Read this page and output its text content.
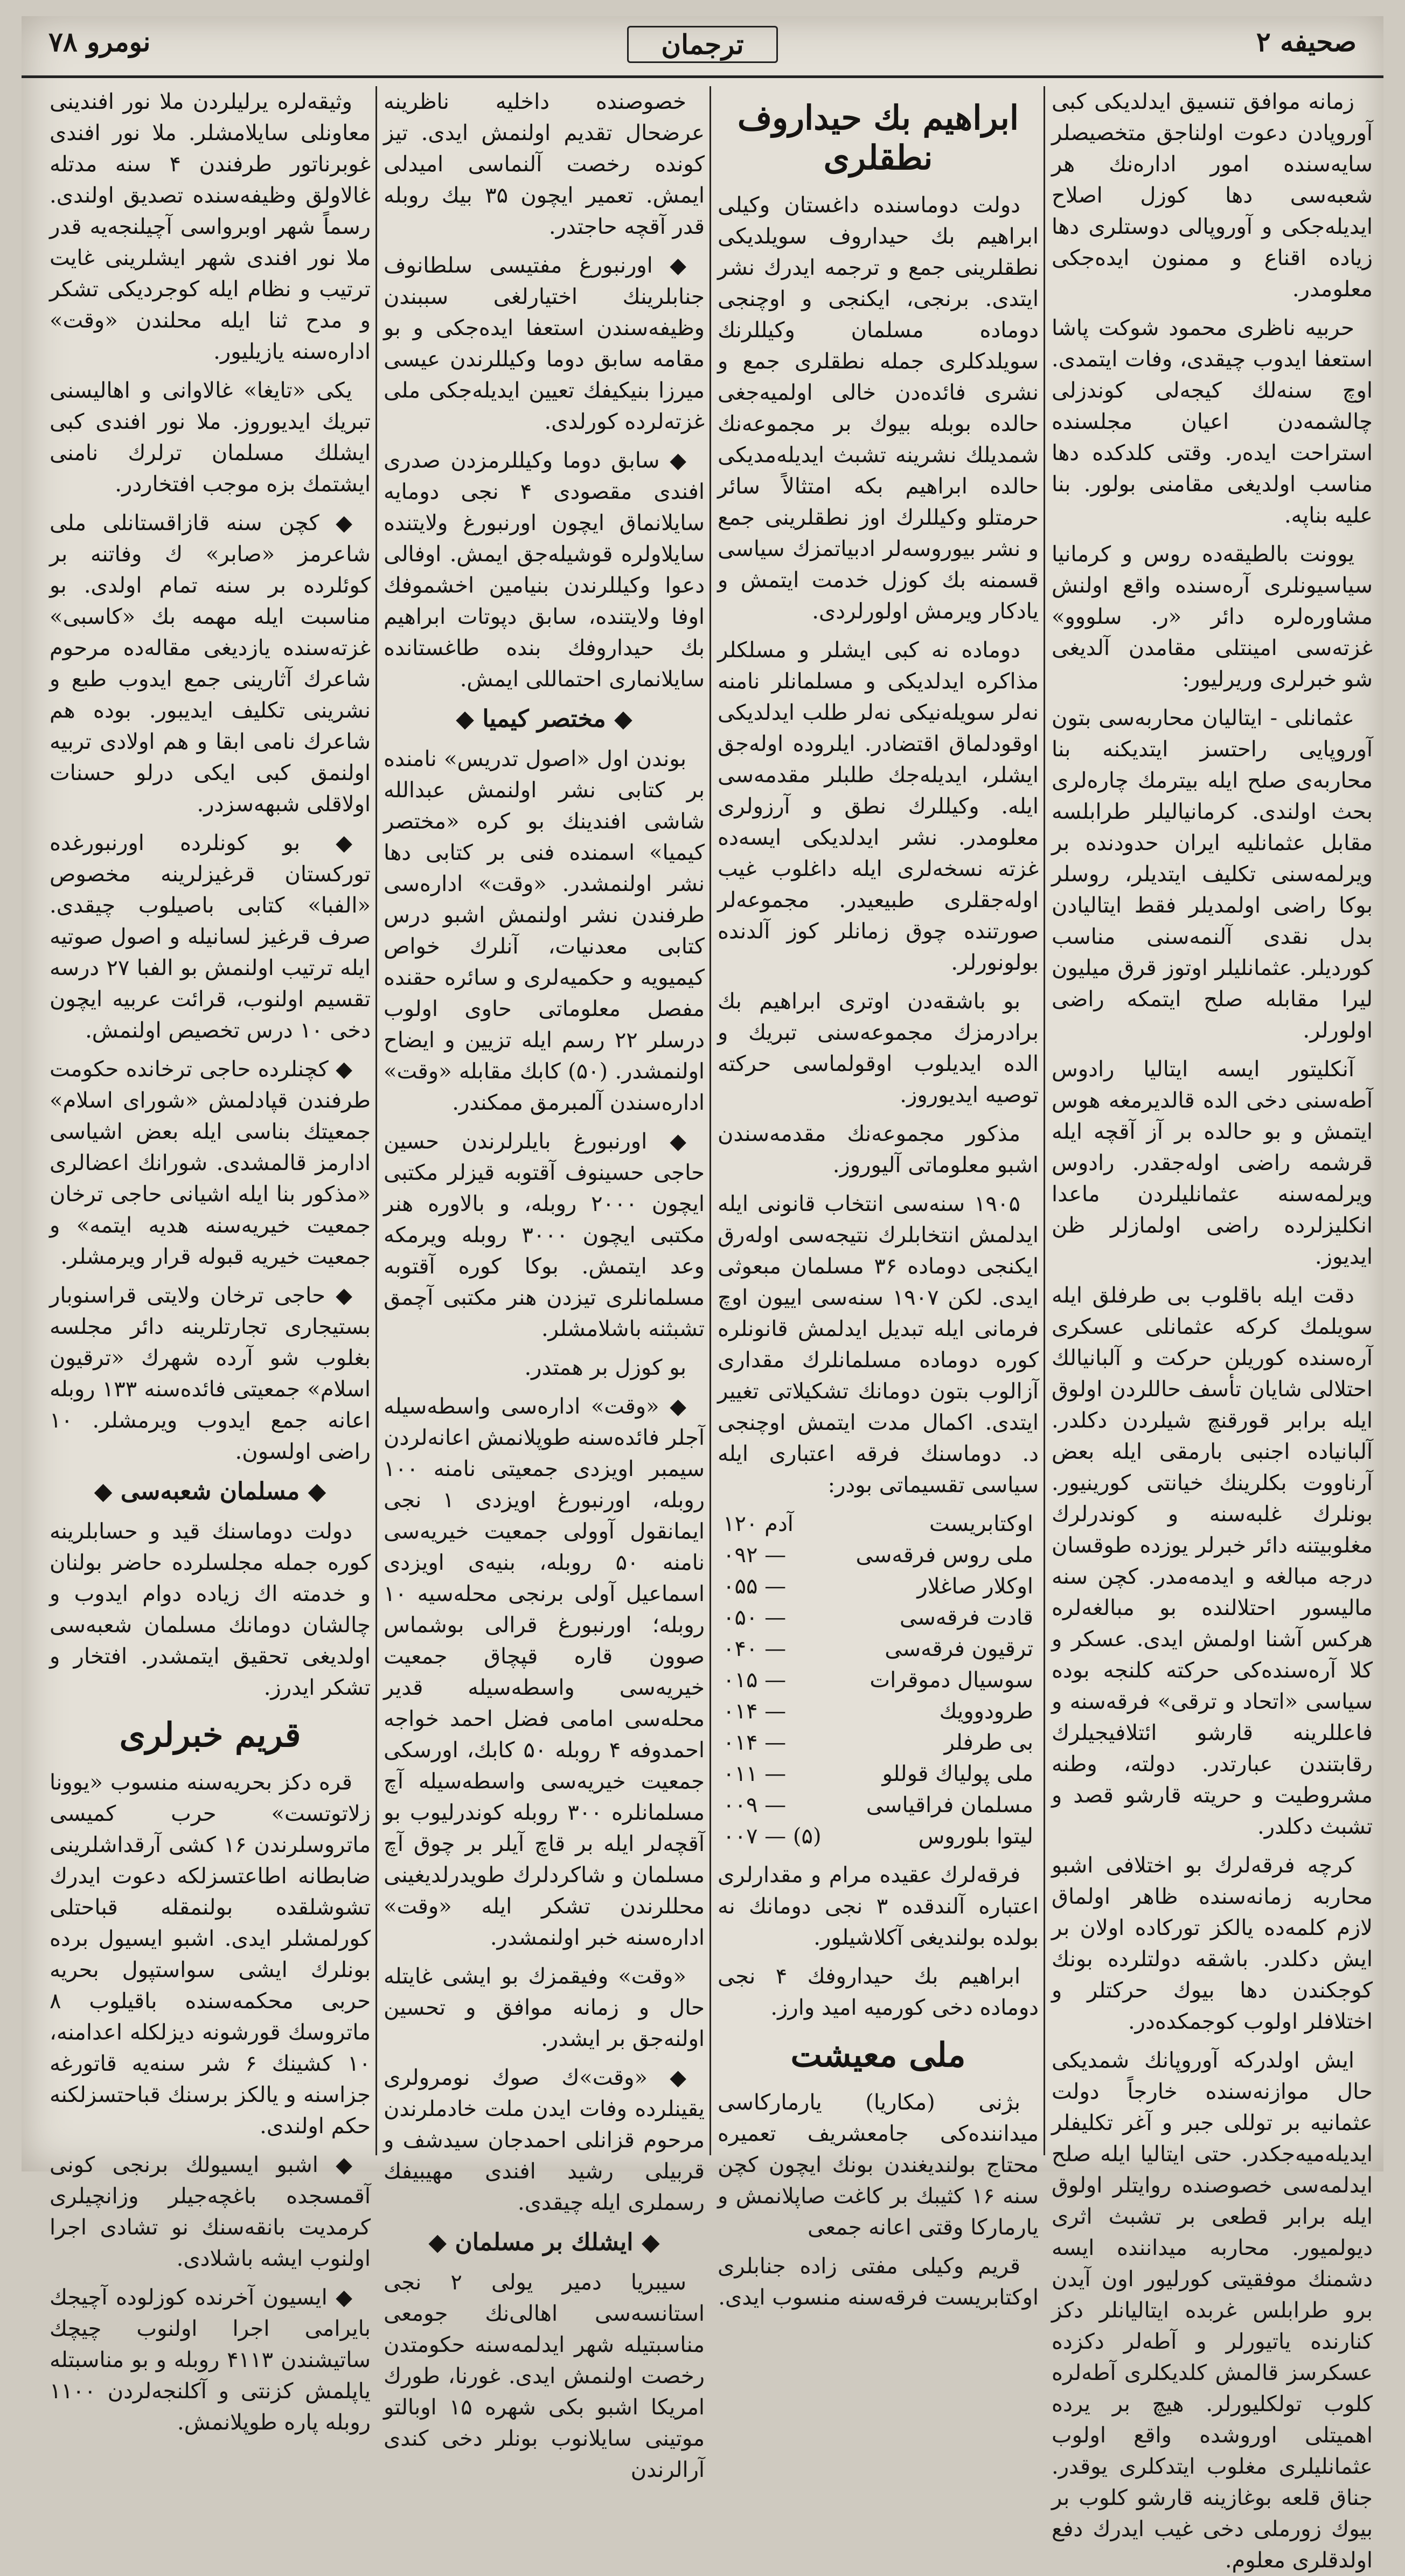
صحیفه ۲
ترجمان
نومرو ۷۸

زمانه موافق تنسیق ایدلدیکی کبی آوروپادن دعوت اولناجق متخصیصلر سایه‌سنده امور اداره‌نك هر شعبه‌سی دها کوزل اصلاح ایدیله‌جکی و آوروپالی دوستلری دها زیاده اقناع و ممنون ایده‌جکی معلومدر.

حربیه ناظری محمود شوکت پاشا استعفا ایدوب چیقدی، وفات ایتمدی. اوچ سنه‌لك کیجه‌لی کوندزلی چالشمه‌دن اعیان مجلسنده استراحت ایده‌ر. وقتی کلدکده دها مناسب اولدیغی مقامنی بولور. بنا علیه بناپه.

یوونت بالطیقه‌ده روس و کرمانیا سیاسیونلری آره‌سنده واقع اولنش مشاوره‌لره دائر «ر. سلووو» غزته‌سی امینتلی مقامدن آلدیغی شو خبرلری وریرلیور:

عثمانلی - ایتالیان محاربه‌سی بتون آوروپایی راحتسز ایتدیکنه بنا محاربه‌ی صلح ایله بیترمك چاره‌لری بحث اولندی. کرمانیالیلر طرابلسه مقابل عثمانلیه ایران حدودنده بر ویرلمه‌سنی تکلیف ایتدیلر، روسلر بوکا راضی اولمدیلر فقط ایتالیادن بدل نقدی آلنمه‌سنی مناسب کوردیلر. عثمانلیلر اوتوز قرق میلیون لیرا مقابله صلح ایتمکه راضی اولورلر.

آنکلیتور ایسه ایتالیا رادوس آطه‌سنی دخی الده قالدیرمغه هوس ایتمش و بو حالده بر آز آقچه ایله قرشمه راضی اوله‌جقدر. رادوس ویرلمه‌سنه عثمانلیلردن ماعدا انکلیزلرده راضی اولمازلر ظن ایدیوز.

دقت ایله باقلوب بی طرفلق ایله سویلمك کرکه عثمانلی عسکری آره‌سنده کوریلن حرکت و آلبانیالك احتلالی شایان تأسف حاللردن اولوق ایله برابر قورقنچ شیلردن دکلدر. آلبانیاده اجنبی بارمقی ایله بعض آرناووت بکلرینك خیانتی کورینیور. بونلرك غلبه‌سنه و کوندرلرك مغلوبیتنه دائر خبرلر یوزده طوقسان درجه مبالغه و ایدمه‌مدر. کچن سنه مالیسور احتلالنده بو مبالغه‌لره هرکس آشنا اولمش ایدی. عسکر و کلا آره‌سنده‌کی حرکته کلنجه بوده سیاسی «اتحاد و ترقی» فرقه‌سنه و فاعللرینه قارشو ائتلافیجیلرك رقابتندن عبارتدر. دولته، وطنه مشروطیت و حریته قارشو قصد و تشبث دکلدر.

کرچه فرقه‌لرك بو اختلافی اشبو محاربه زمانه‌سنده ظاهر اولماق لازم کلمه‌ده یالکز توركاده اولان بر ایش دکلدر. باشقه دولتلرده بونك کوجکندن دها بیوك حرکتلر و اختلافلر اولوب کوجمکده‌در.

ایش اولدرکه آوروپانك شمدیکی حال موازنه‌سنده خارجاً دولت عثمانیه بر توللی جبر و آغر تکلیفلر ایدیله‌میه‌جکدر. حتی ایتالیا ایله صلح ایدلمه‌سی خصوصنده روایتلر اولوق ایله برابر قطعی بر تشبث اثری دیولمیور. محاربه میداننده ایسه دشمنك موفقیتی کورلیور اون آیدن برو طرابلس غربده ایتالیانلر دکز کنارنده یاتیورلر و آطه‌لر دکزده عسکرسز قالمش کلدیکلری آطه‌لره کلوب تولکلیورلر. هیچ بر یرده اهمیتلی اوروشده واقع اولوب عثمانلیلری مغلوب ایتدکلری یوقدر. جناق قلعه بوغازینه قارشو کلوب بر بیوك زورملی دخی غیب ایدرك دفع اولدقلری معلوم.

ابراهیم بك حیداروف نطقلری

دولت دوماسنده داغستان وکیلی ابراهیم بك حیداروف سویلدیکی نطقلرینی جمع و ترجمه ایدرك نشر ایتدی. برنجی، ایکنجی و اوچنجی دوماده مسلمان وکیللرنك سویلدکلری جمله نطقلری جمع و نشری فائده‌دن خالی اولمیه‌جغی حالده بوبله بیوك بر مجموعه‌نك شمدیلك نشرینه تشبث ایدیله‌مدیکی حالده ابراهیم بکه امتثالاً سائر حرمتلو وکیللرك اوز نطقلرینی جمع و نشر بیوروسه‌لر ادبیاتمزك سیاسی قسمنه بك کوزل خدمت ایتمش و یادکار ویرمش اولورلردی.

دوماده نه کبی ایشلر و مسلکلر مذاکره ایدلدیکی و مسلمانلر نامنه نه‌لر سویله‌نیکی نه‌لر طلب ایدلدیکی اوقودلماق اقتضادر. ایلروده اوله‌جق ایشلر، ایدیله‌جك طلبلر مقدمه‌سی ایله. وکیللرك نطق و آرزولری معلومدر. نشر ایدلدیکی ایسه‌ده غزته نسخه‌لری ایله داغلوب غیب اوله‌جقلری طبیعیدر. مجموعه‌لر صورتنده چوق زمانلر کوز آلدنده بولونورلر.

بو باشقه‌دن اوتری ابراهیم بك برادرمزك مجموعه‌سنی تبریك و الده ایدیلوب اوقولماسی حرکته توصیه ایدیوروز.

مذکور مجموعه‌نك مقدمه‌سندن اشبو معلوماتی آلیوروز.

۱۹۰۵ سنه‌سی انتخاب قانونی ایله ایدلمش انتخابلرك نتیجه‌سی اوله‌رق ایکنجی دوماده ۳۶ مسلمان مبعوثی ایدی. لکن ۱۹۰۷ سنه‌سی اییون اوچ فرمانی ایله تبدیل ایدلمش قانونلره کوره دوماده مسلمانلرك مقداری آزالوب بتون دومانك تشکیلاتی تغییر ایتدی. اکمال مدت ایتمش اوچنجی د. دوماسنك فرقه اعتباری ایله سیاسی تقسیماتی بودر:

اوکتابریست	۱۲۰ آدم
ملی روس فرقه‌سی	۰۹۲ —
اوکلار صاغلار	۰۵۵ —
قادت فرقه‌سی	۰۵۰ —
ترقیون فرقه‌سی	۰۴۰ —
سوسیال دموقرات	۰۱۵ —
طرودوویك	۰۱۴ —
بی طرفلر	۰۱۴ —
ملی پولیاك قوللو	۰۱۱ —
مسلمان فراقیاسی	۰۰۹ —
لیتوا بلوروس	۰۰۷ — (۵)

فرقه‌لرك عقیده مرام و مقدارلری اعتباره آلندقده ۳ نجی دومانك نه بولده بولندیغی آکلاشیلور.

ابراهیم بك حیداروفك ۴ نجی دوماده دخی کورمیه امید وارز.

ملی معیشت

بژنی (مکاریا) یارمارکاسی میداننده‌کی جامعشریف تعمیره محتاج بولندیغندن بونك ایچون کچن سنه ۱۶ کثیبك بر کاغت صاپلانمش و یارمارکا وقتی اعانه جمعی

قریم وکیلی مفتی زاده جنابلری اوکتابریست فرقه‌سنه منسوب ایدی.

خصوصنده داخلیه ناظرینه عرضحال تقدیم اولنمش ایدی. تیز کونده رخصت آلنماسی امیدلی ایمش. تعمیر ایچون ۳۵ بیك روبله قدر آقچه حاجتدر.

◆ اورنبورغ مفتیسی سلطانوف جنابلرینك اختیارلغی سببندن وظیفه‌سندن استعفا ایده‌جکی و بو مقامه سابق دوما وکیللرندن عیسی میرزا بنیکیفك تعیین ایدیله‌جکی ملی غزته‌لرده کورلدی.

◆ سابق دوما وکیللرمزدن صدری افندی مقصودی ۴ نجی دومایه سایلانماق ایچون اورنبورغ ولایتنده سایلاولره قوشیله‌جق ایمش. اوفالی دعوا وکیللرندن بنیامین اخشموفك اوفا ولایتنده، سابق دپوتات ابراهیم بك حیداروفك بنده طاغستانده سایلانماری احتماللی ایمش.

◆ مختصر کیمیا ◆

بوندن اول «اصول تدریس» نامنده بر کتابی نشر اولنمش عبدالله شاشی افندینك بو کره «مختصر کیمیا» اسمنده فنی بر کتابی دها نشر اولنمشدر. «وقت» اداره‌سی طرفندن نشر اولنمش اشبو درس کتابی معدنیات، آنلرك خواص کیمیویه و حکمیه‌لری و سائره حقنده مفصل معلوماتی حاوی اولوب درسلر ۲۲ رسم ایله تزیین و ایضاح اولنمشدر. (۵۰) کابك مقابله «وقت» اداره‌سندن آلمبرمق ممکندر.

◆ اورنبورغ بایلرلرندن حسین حاجی حسینوف آقتوبه قیزلر مکتبی ایچون ۲۰۰۰ روبله، و بالاوره هنر مکتبی ایچون ۳۰۰۰ روبله ویرمکه وعد ایتمش. بوکا کوره آقتوبه مسلمانلری تیزدن هنر مکتبی آچمق تشبثنه باشلامشلر.

بو کوزل بر همتدر.

◆ «وقت» اداره‌سی واسطه‌سیله آجلر فائده‌سنه طوپلانمش اعانه‌لردن سیمبر اویزدی جمعیتی نامنه ۱۰۰ روبله، اورنبورغ اویزدی ۱ نجی ایمانقول آوولی جمعیت خیریه‌سی نامنه ۵۰ روبله، بنیه‌ی اویزدی اسماعیل آولی برنجی محله‌سیه ۱۰ روبله؛ اورنبورغ قرالی بوشماس صوون قاره قپچاق جمعیت خیریه‌سی واسطه‌سیله قدیر محله‌سی امامی فضل احمد خواجه احمدوفه ۴ روبله ۵۰ کابك، اورسکی جمعیت خیریه‌سی واسطه‌سیله آچ مسلمانلره ۳۰۰ روبله کوندرلیوب بو آقچه‌لر ایله بر قاچ آیلر بر چوق آچ مسلمان و شاکردلرك طویدرلدیغینی محللرندن تشکر ایله «وقت» اداره‌سنه خبر اولنمشدر.

«وقت» وفیقمزك بو ایشی غایتله حال و زمانه موافق و تحسین اولنه‌جق بر ایشدر.

◆ «وقت»ك صوك نومرولری یقینلرده وفات ایدن ملت خادملرندن مرحوم قزانلی احمدجان سیدشف و قربیلی رشید افندی مهیبیفك رسملری ایله چیقدی.

◆ ایشلك بر مسلمان ◆

سیبریا دمیر یولی ۲ نجی استانسه‌سی اهالی‌نك جومعی مناسبتیله شهر ایدلمه‌سنه حکومتدن رخصت اولنمش ایدی. غورنا، طورك امریکا اشبو بکی شهره ۱۵ اوبالتو موتینی سایلانوب بونلر دخی کندی آرالرندن

وثیقه‌لره یرلیلردن ملا نور افندینی معاونلی سایلامشلر. ملا نور افندی غوبرناتور طرفندن ۴ سنه مدتله غالاولق وظیفه‌سنده تصدیق اولندی. رسماً شهر اوبرواسی آچیلنجه‌یه قدر ملا نور افندی شهر ایشلرینی غایت ترتیب و نظام ایله کوجردیکی تشکر و مدح ثنا ایله محلندن «وقت» اداره‌سنه یازیلیور.

یکی «تایغا» غالاوانی و اهالیسنی تبریك ایدیوروز. ملا نور افندی کبی ایشلك مسلمان ترلرك نامنی ایشتمك بزه موجب افتخاردر.

◆ کچن سنه قازاقستانلی ملی شاعرمز «صابر» ك وفاتنه بر کوئلرده بر سنه تمام اولدی. بو مناسبت ایله مهمه بك «کاسبی» غزته‌سنده یازدیغی مقاله‌ده مرحوم شاعرك آثارینی جمع ایدوب طبع و نشرینی تکلیف ایدیبور. بوده هم شاعرك نامی ابقا و هم اولادی تربیه اولنمق کبی ایکی درلو حسنات اولاقلی شبهه‌سزدر.

◆ بو کونلرده اورنبورغده توركستان قرغیزلرینه مخصوص «الفبا» کتابی باصیلوب چیقدی. صرف قرغیز لسانیله و اصول صوتیه ایله ترتیب اولنمش بو الفبا ۲۷ درسه تقسیم اولنوب، قرائت عربیه ایچون دخی ۱۰ درس تخصیص اولنمش.

◆ کچنلرده حاجی ترخانده حکومت طرفندن قپادلمش «شورای اسلام» جمعیتك بناسی ایله بعض اشیاسی ادارمز قالمشدی. شورانك اعضالری «مذکور بنا ایله اشیانی حاجی ترخان جمعیت خیریه‌سنه هدیه ایتمه» و جمعیت خیریه قبوله قرار ویرمشلر.

◆ حاجی ترخان ولایتی قراسنوبار بستیجاری تجارتلرینه دائر مجلسه بغلوب شو آرده شهرك «ترقیون اسلام» جمعیتی فائده‌سنه ۱۳۳ روبله اعانه جمع ایدوب ویرمشلر. ۱۰ راضی اولسون.

◆ مسلمان شعبه‌سی ◆

دولت دوماسنك قید و حسابلرینه کوره جمله مجلسلرده حاضر بولنان و خدمته اك زیاده دوام ایدوب و چالشان دومانك مسلمان شعبه‌سی اولدیغی تحقیق ایتمشدر. افتخار و تشکر ایدرز.

قریم خبرلری

قره دکز بحریه‌سنه منسوب «یوونا زلاتوتست» حرب کمیسی ماتروسلرندن ۱۶ کشی آرقداشلرینی ضابطانه اطاعتسزلکه دعوت ایدرك تشوشلقده بولنمقله قباحتلی کورلمشلر ایدی. اشبو ایسیول برده بونلرك ایشی سواستپول بحریه حربی محکمه‌سنده باقیلوب ۸ ماتروسك قورشونه دیزلکله اعدامنه، ۱۰ کشینك ۶ شر سنه‌یه قاتورغه جزاسنه و یالکز برسنك قباحتسزلکنه حکم اولندی.

◆ اشبو ایسیولك برنجی کونی آقمسجده باغچه‌جیلر وزانچیلری کرمدیت بانقه‌سنك نو تشادی اجرا اولنوب ایشه باشلادی.

◆ ایسیون آخرنده کوزلوده آچیجك بایرامی اجرا اولنوب چیچك ساتیشندن ۴۱۱۳ روبله و بو مناسبتله یاپلمش کزنتی و آکلنجه‌لردن ۱۱۰۰ روبله پاره طوپلانمش.
